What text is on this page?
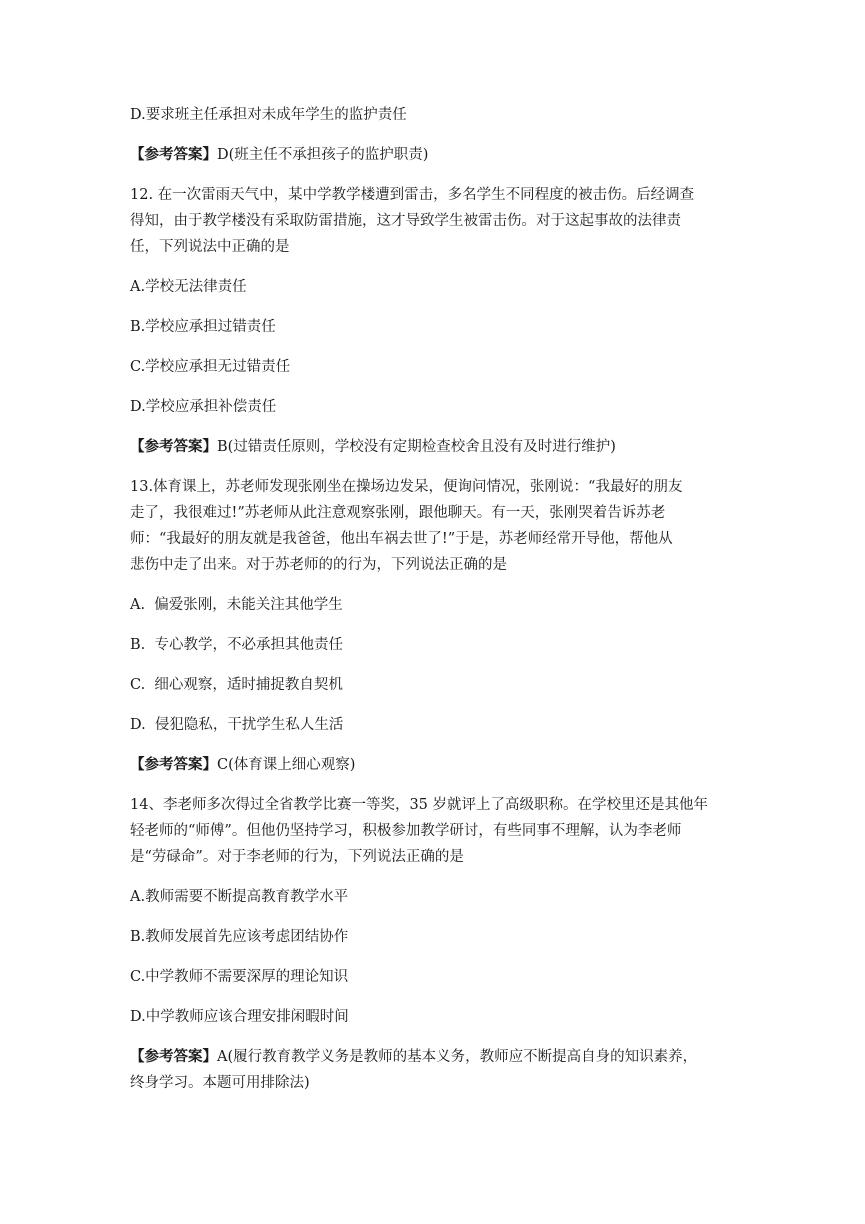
D.要求班主任承担对未成年学生的监护责任

【参考答案】D(班主任不承担孩子的监护职责)

12. 在一次雷雨天气中，某中学教学楼遭到雷击，多名学生不同程度的被击伤。后经调查
得知，由于教学楼没有采取防雷措施，这才导致学生被雷击伤。对于这起事故的法律责
任，下列说法中正确的是

A.学校无法律责任

B.学校应承担过错责任

C.学校应承担无过错责任

D.学校应承担补偿责任

【参考答案】B(过错责任原则，学校没有定期检查校舍且没有及时进行维护)

13.体育课上，苏老师发现张刚坐在操场边发呆，便询问情况，张刚说：“我最好的朋友
走了，我很难过!”苏老师从此注意观察张刚，跟他聊天。有一天，张刚哭着告诉苏老
师：“我最好的朋友就是我爸爸，他出车祸去世了!”于是，苏老师经常开导他，帮他从
悲伤中走了出来。对于苏老师的的行为，下列说法正确的是

A.  偏爱张刚，未能关注其他学生

B.  专心教学，不必承担其他责任

C.  细心观察，适时捕捉教自契机

D.  侵犯隐私，干扰学生私人生活

【参考答案】C(体育课上细心观察)

14、李老师多次得过全省教学比赛一等奖，35 岁就评上了高级职称。在学校里还是其他年
轻老师的“师傅”。但他仍坚持学习，积极参加教学研讨，有些同事不理解，认为李老师
是“劳碌命”。对于李老师的行为，下列说法正确的是

A.教师需要不断提高教育教学水平

B.教师发展首先应该考虑团结协作

C.中学教师不需要深厚的理论知识

D.中学教师应该合理安排闲暇时间

【参考答案】A(履行教育教学义务是教师的基本义务，教师应不断提高自身的知识素养，
终身学习。本题可用排除法)
